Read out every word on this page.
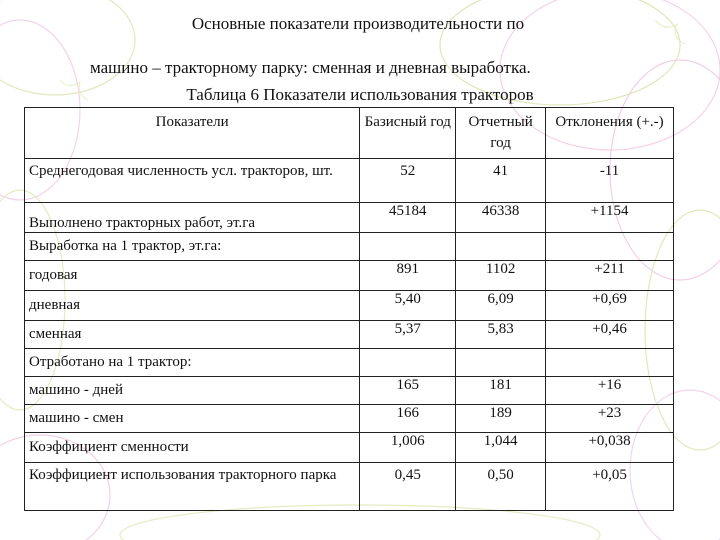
Основные показатели производительности по
машино – тракторному парку: сменная и дневная выработка.
Таблица 6 Показатели использования тракторов
Показатели	Базисный год	Отчетный год	Отклонения (+.-)
Среднегодовая численность усл. тракторов, шт.	52	41	-11
Выполнено тракторных работ, эт.га	45184	46338	+1154
Выработка на 1 трактор, эт.га:			
годовая	891	1102	+211
дневная	5,40	6,09	+0,69
сменная	5,37	5,83	+0,46
Отработано на 1 трактор:			
машино - дней	165	181	+16
машино - смен	166	189	+23
Коэффициент сменности	1,006	1,044	+0,038
Коэффициент использования тракторного парка	0,45	0,50	+0,05
